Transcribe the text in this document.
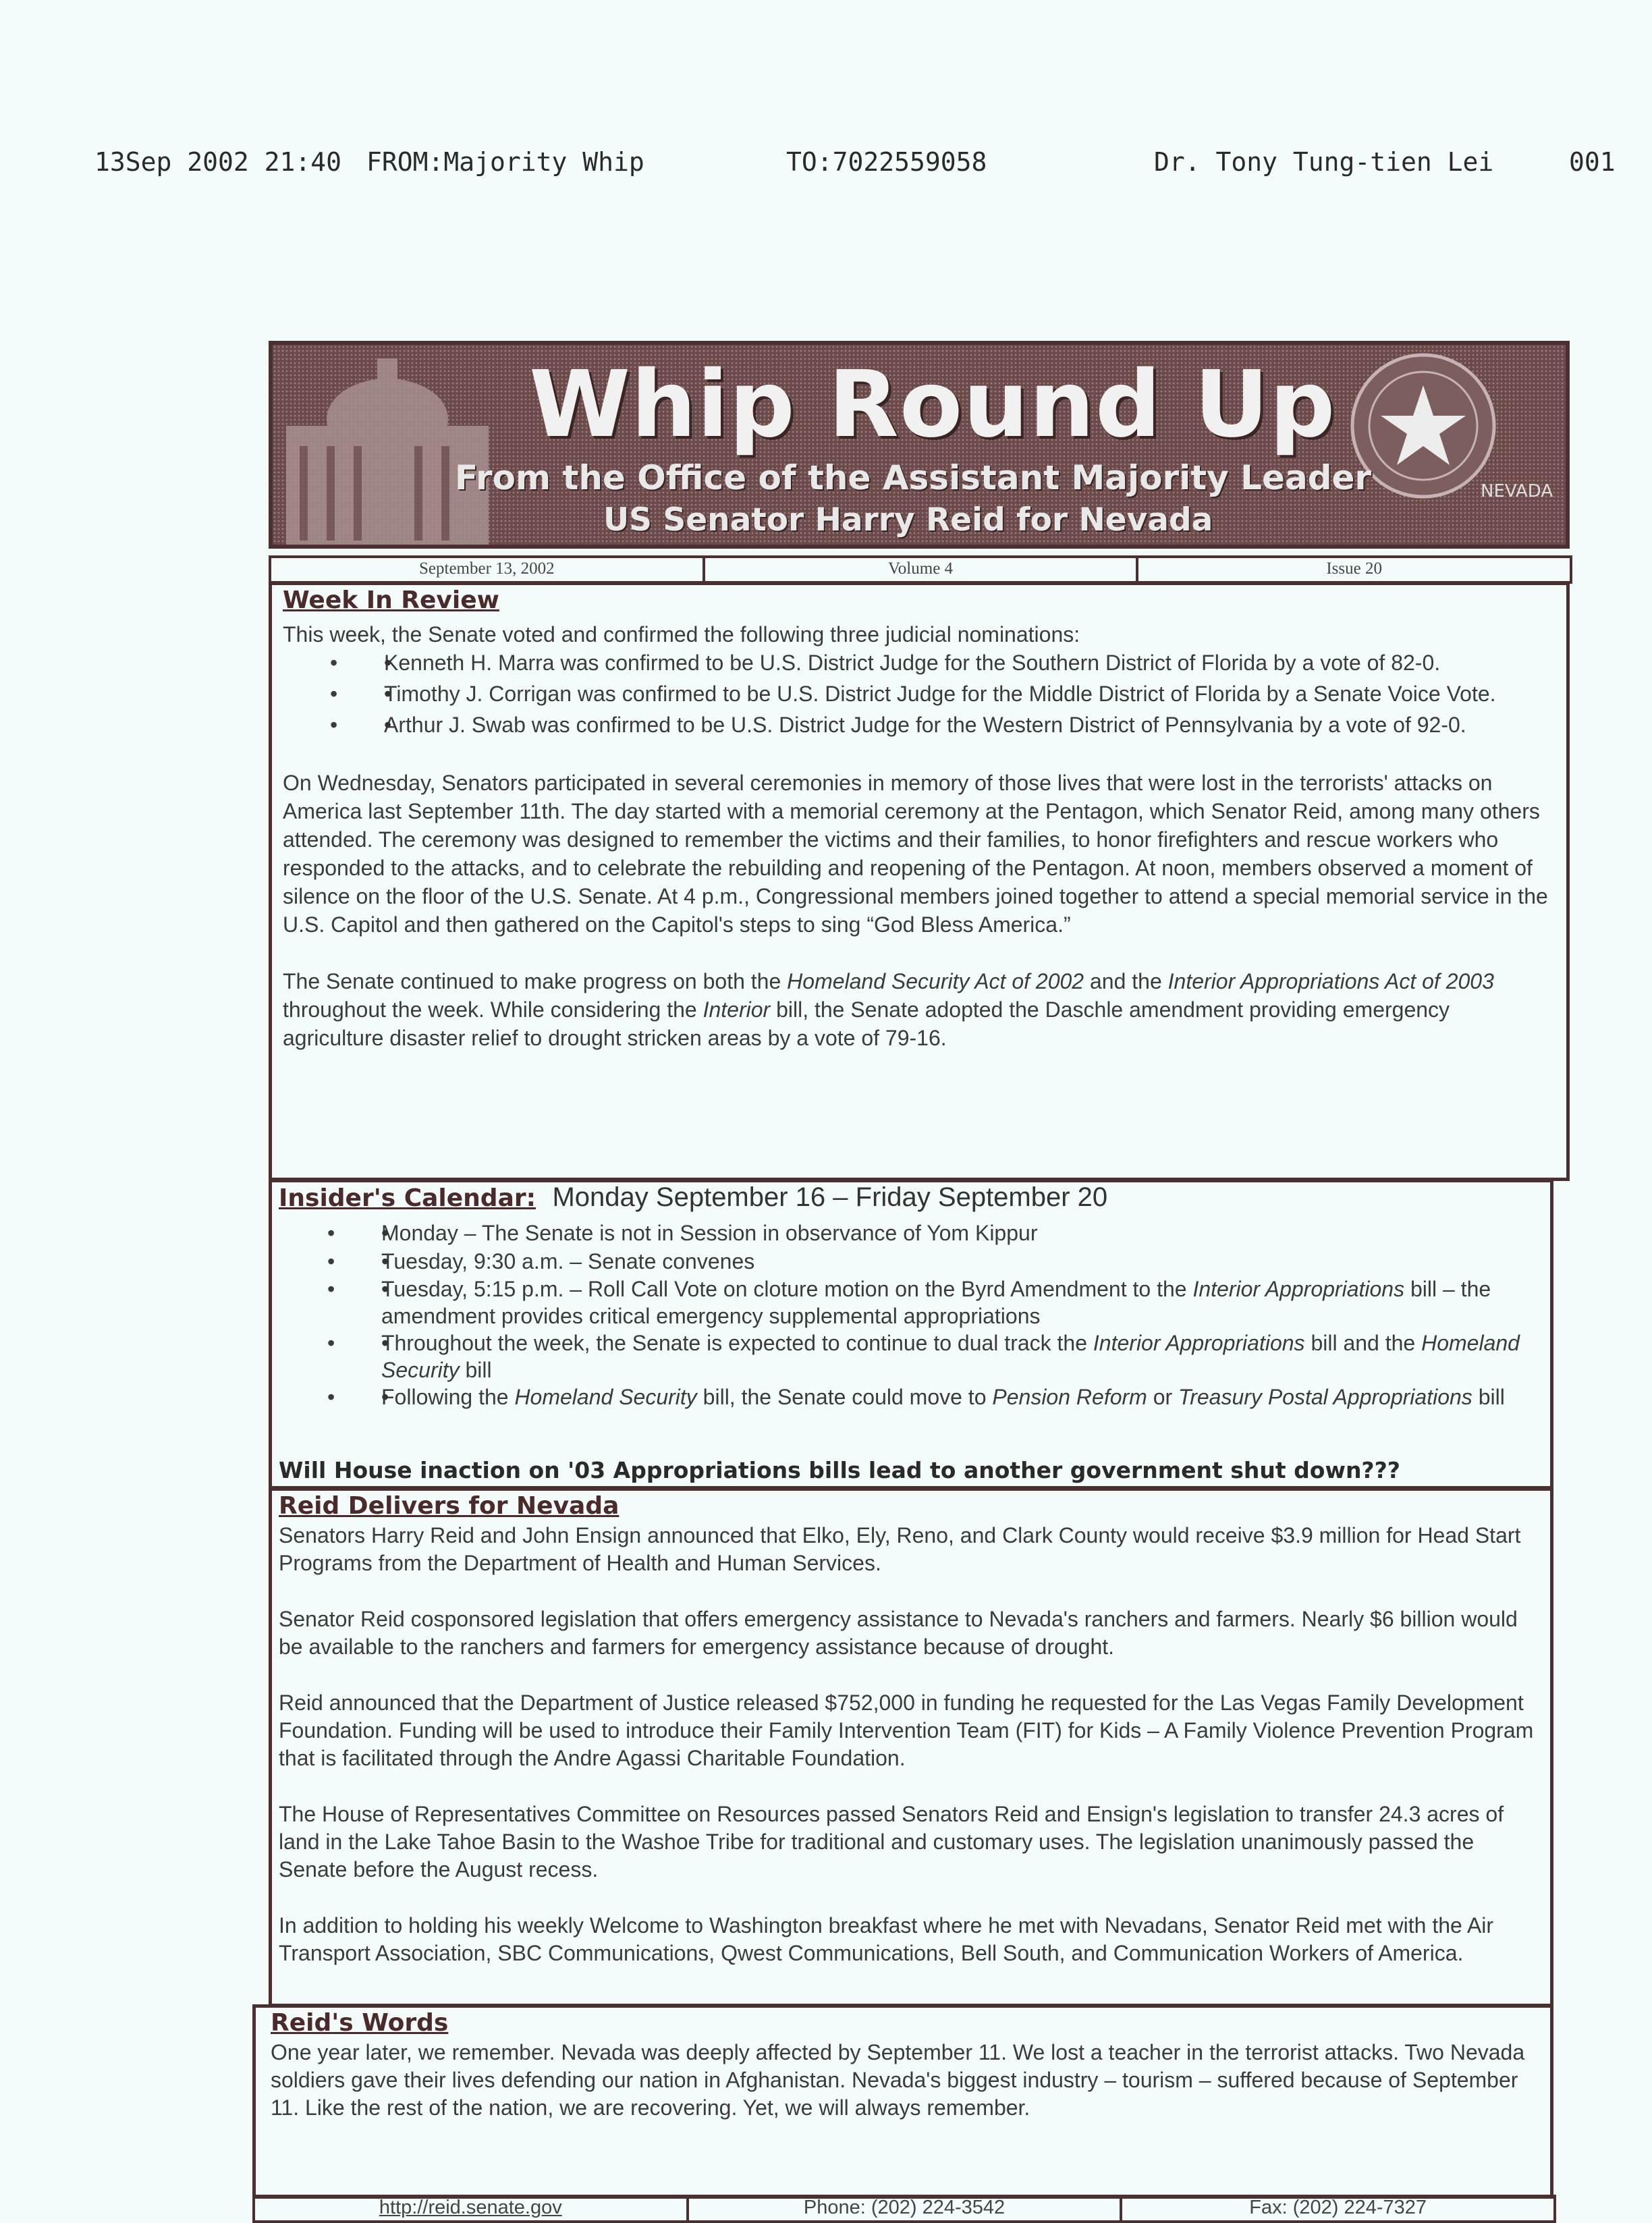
13Sep 2002 21:40 FROM:Majority Whip	TO:7022559058	Dr. Tony Tung-tien Lei	001
NEVADA
Whip Round Up
From the Office of the Assistant Majority Leader
US Senator Harry Reid for Nevada
September 13, 2002	Volume 4	Issue 20
Week In Review

This week, the Senate voted and confirmed the following three judicial nominations:

• • Kenneth H. Marra was confirmed to be U.S. District Judge for the Southern District of Florida by a vote of 82-0.
• • Timothy J. Corrigan was confirmed to be U.S. District Judge for the Middle District of Florida by a Senate Voice Vote.
• • Arthur J. Swab was confirmed to be U.S. District Judge for the Western District of Pennsylvania by a vote of 92-0.

On Wednesday, Senators participated in several ceremonies in memory of those lives that were lost in the terrorists' attacks on America last September 11th. The day started with a memorial ceremony at the Pentagon, which Senator Reid, among many others attended. The ceremony was designed to remember the victims and their families, to honor firefighters and rescue workers who responded to the attacks, and to celebrate the rebuilding and reopening of the Pentagon. At noon, members observed a moment of silence on the floor of the U.S. Senate. At 4 p.m., Congressional members joined together to attend a special memorial service in the U.S. Capitol and then gathered on the Capitol's steps to sing “God Bless America.”

The Senate continued to make progress on both the Homeland Security Act of 2002 and the Interior Appropriations Act of 2003 throughout the week. While considering the Interior bill, the Senate adopted the Daschle amendment providing emergency agriculture disaster relief to drought stricken areas by a vote of 79-16.

Insider's Calendar: Monday September 16 – Friday September 20
• • Monday – The Senate is not in Session in observance of Yom Kippur
• • Tuesday, 9:30 a.m. – Senate convenes
• • Tuesday, 5:15 p.m. – Roll Call Vote on cloture motion on the Byrd Amendment to the Interior Appropriations bill – the amendment provides critical emergency supplemental appropriations
• • Throughout the week, the Senate is expected to continue to dual track the Interior Appropriations bill and the Homeland Security bill
• • Following the Homeland Security bill, the Senate could move to Pension Reform or Treasury Postal Appropriations bill
Will House inaction on '03 Appropriations bills lead to another government shut down???
Reid Delivers for Nevada

Senators Harry Reid and John Ensign announced that Elko, Ely, Reno, and Clark County would receive $3.9 million for Head Start Programs from the Department of Health and Human Services.

Senator Reid cosponsored legislation that offers emergency assistance to Nevada's ranchers and farmers. Nearly $6 billion would be available to the ranchers and farmers for emergency assistance because of drought.

Reid announced that the Department of Justice released $752,000 in funding he requested for the Las Vegas Family Development Foundation. Funding will be used to introduce their Family Intervention Team (FIT) for Kids – A Family Violence Prevention Program that is facilitated through the Andre Agassi Charitable Foundation.

The House of Representatives Committee on Resources passed Senators Reid and Ensign's legislation to transfer 24.3 acres of land in the Lake Tahoe Basin to the Washoe Tribe for traditional and customary uses. The legislation unanimously passed the Senate before the August recess.

In addition to holding his weekly Welcome to Washington breakfast where he met with Nevadans, Senator Reid met with the Air Transport Association, SBC Communications, Qwest Communications, Bell South, and Communication Workers of America.

Reid's Words
One year later, we remember. Nevada was deeply affected by September 11. We lost a teacher in the terrorist attacks. Two Nevada soldiers gave their lives defending our nation in Afghanistan. Nevada's biggest industry – tourism – suffered because of September 11. Like the rest of the nation, we are recovering. Yet, we will always remember.
http://reid.senate.gov	Phone: (202) 224-3542	Fax: (202) 224-7327
